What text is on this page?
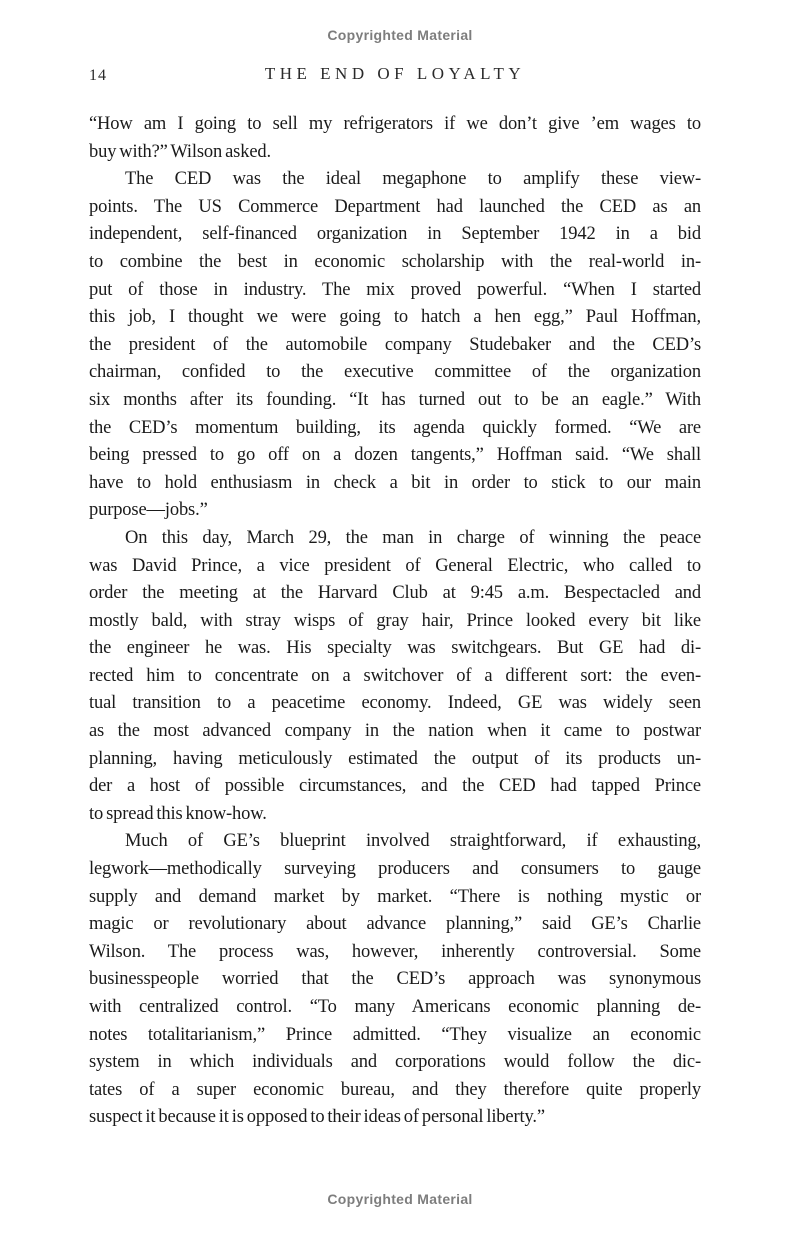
Copyrighted Material
14	THE END OF LOYALTY
“How am I going to sell my refrigerators if we don’t give ’em wages to
buy with?” Wilson asked.
The CED was the ideal megaphone to amplify these view-
points. The US Commerce Department had launched the CED as an
independent, self-financed organization in September 1942 in a bid
to combine the best in economic scholarship with the real-world in-
put of those in industry. The mix proved powerful. “When I started
this job, I thought we were going to hatch a hen egg,” Paul Hoffman,
the president of the automobile company Studebaker and the CED’s
chairman, confided to the executive committee of the organization
six months after its founding. “It has turned out to be an eagle.” With
the CED’s momentum building, its agenda quickly formed. “We are
being pressed to go off on a dozen tangents,” Hoffman said. “We shall
have to hold enthusiasm in check a bit in order to stick to our main
purpose—jobs.”
On this day, March 29, the man in charge of winning the peace
was David Prince, a vice president of General Electric, who called to
order the meeting at the Harvard Club at 9:45 a.m. Bespectacled and
mostly bald, with stray wisps of gray hair, Prince looked every bit like
the engineer he was. His specialty was switchgears. But GE had di-
rected him to concentrate on a switchover of a different sort: the even-
tual transition to a peacetime economy. Indeed, GE was widely seen
as the most advanced company in the nation when it came to postwar
planning, having meticulously estimated the output of its products un-
der a host of possible circumstances, and the CED had tapped Prince
to spread this know-how.
Much of GE’s blueprint involved straightforward, if exhausting,
legwork—methodically surveying producers and consumers to gauge
supply and demand market by market. “There is nothing mystic or
magic or revolutionary about advance planning,” said GE’s Charlie
Wilson. The process was, however, inherently controversial. Some
businesspeople worried that the CED’s approach was synonymous
with centralized control. “To many Americans economic planning de-
notes totalitarianism,” Prince admitted. “They visualize an economic
system in which individuals and corporations would follow the dic-
tates of a super economic bureau, and they therefore quite properly
suspect it because it is opposed to their ideas of personal liberty.”
Copyrighted Material
